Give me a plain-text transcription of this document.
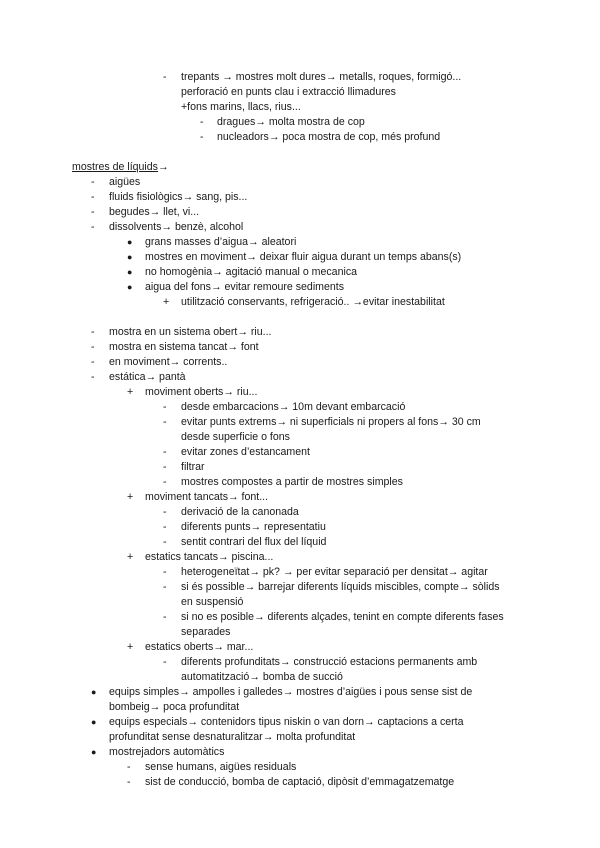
- trepants → mostres molt dures→ metalls, roques, formigó...
perforació en punts clau i extracció llimadures
+fons marins, llacs, rius...
- dragues→ molta mostra de cop
- nucleadors→ poca mostra de cop, més profund
mostres de líquids→
- aigües
- fluids fisiològics→ sang, pis...
- begudes→ llet, vi...
- dissolvents→ benzè, alcohol
● grans masses d’aigua→ aleatori
● mostres en moviment→ deixar fluir aigua durant un temps abans(s)
● no homogènia→ agitació manual o mecanica
● aigua del fons→ evitar remoure sediments
+ utilització conservants, refrigeració.. →evitar inestabilitat
- mostra en un sistema obert→ riu...
- mostra en sistema tancat→ font
- en moviment→ corrents..
- estática→ pantà
+ moviment oberts→ riu...
- desde embarcacions→ 10m devant embarcació
- evitar punts extrems→ ni superficials ni propers al fons→ 30 cm
desde superficie o fons
- evitar zones d’estancament
- filtrar
- mostres compostes a partir de mostres simples
+ moviment tancats→ font...
- derivació de la canonada
- diferents punts→ representatiu
- sentit contrari del flux del líquid
+ estatics tancats→ piscina...
- heterogeneïtat→ pk? → per evitar separació per densitat→ agitar
- si és possible→ barrejar diferents líquids miscibles, compte→ sòlids
en suspensió
- si no es posible→ diferents alçades, tenint en compte diferents fases
separades
+ estatics oberts→ mar...
- diferents profunditats→ construcció estacions permanents amb
automatització→ bomba de succió
● equips simples→ ampolles i galledes→ mostres d’aigües i pous sense sist de
bombeig→ poca profunditat
● equips especials→ contenidors tipus niskin o van dorn→ captacions a certa
profunditat sense desnaturalitzar→ molta profunditat
● mostrejadors automàtics
- sense humans, aigües residuals
- sist de conducció, bomba de captació, dipòsit d’emmagatzematge
